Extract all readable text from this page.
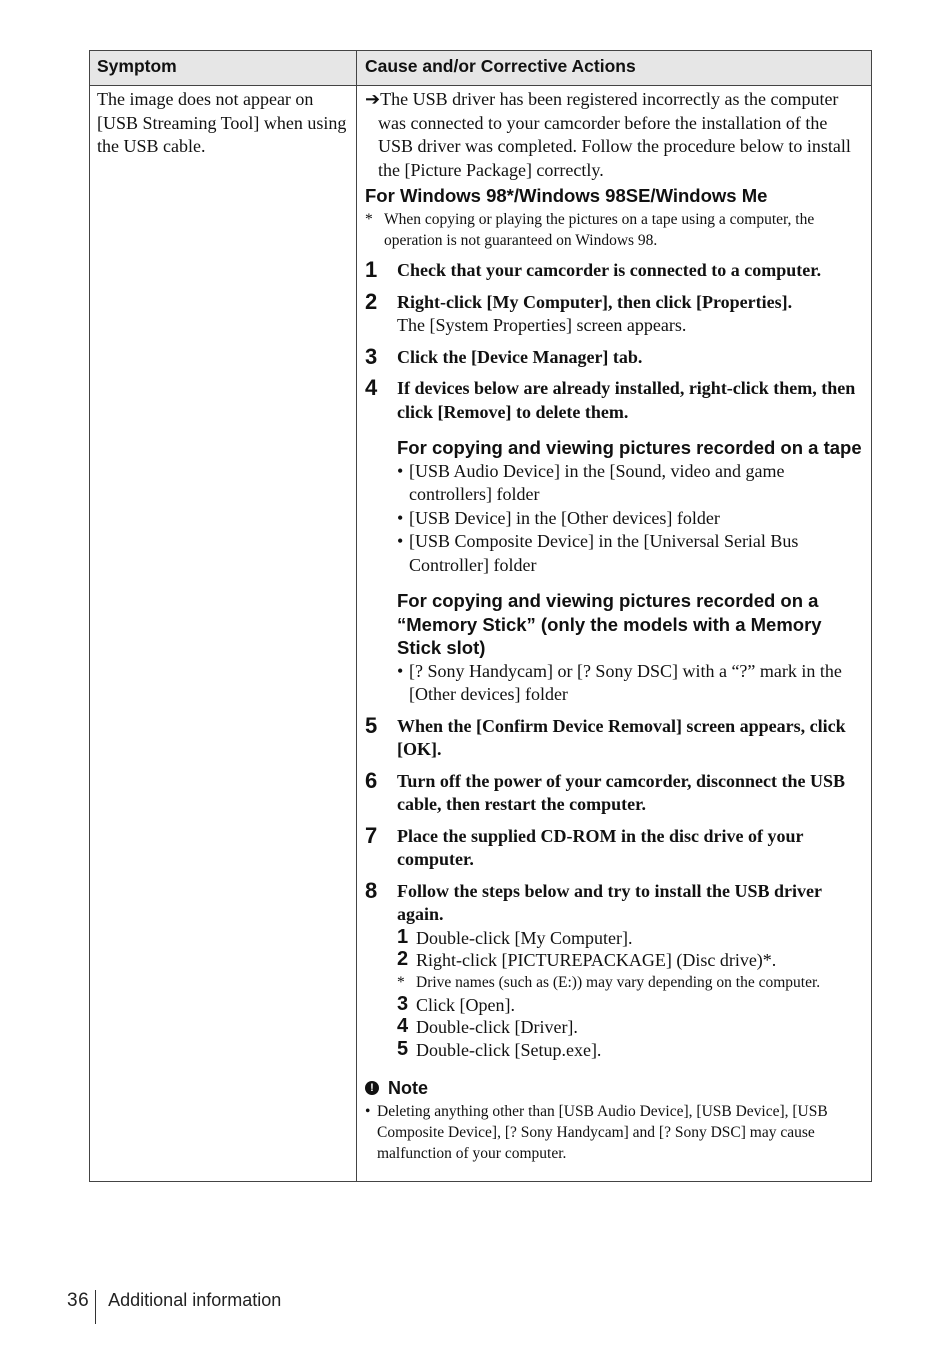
Symptom	Cause and/or Corrective Actions
The image does not appear on [USB Streaming Tool] when using the USB cable.
➔The USB driver has been registered incorrectly as the computer was connected to your camcorder before the installation of the USB driver was completed. Follow the procedure below to install the [Picture Package] correctly.
For Windows 98*/Windows 98SE/Windows Me
* When copying or playing the pictures on a tape using a computer, the operation is not guaranteed on Windows 98.
1 Check that your camcorder is connected to a computer.
2 Right-click [My Computer], then click [Properties].
The [System Properties] screen appears.
3 Click the [Device Manager] tab.
4 If devices below are already installed, right-click them, then click [Remove] to delete them.
For copying and viewing pictures recorded on a tape
• [USB Audio Device] in the [Sound, video and game controllers] folder
• [USB Device] in the [Other devices] folder
• [USB Composite Device] in the [Universal Serial Bus Controller] folder
For copying and viewing pictures recorded on a “Memory Stick” (only the models with a Memory Stick slot)
• [? Sony Handycam] or [? Sony DSC] with a “?” mark in the [Other devices] folder
5 When the [Confirm Device Removal] screen appears, click [OK].
6 Turn off the power of your camcorder, disconnect the USB cable, then restart the computer.
7 Place the supplied CD-ROM in the disc drive of your computer.
8 Follow the steps below and try to install the USB driver again.
1 Double-click [My Computer].
2 Right-click [PICTUREPACKAGE] (Disc drive)*.
* Drive names (such as (E:)) may vary depending on the computer.
3 Click [Open].
4 Double-click [Driver].
5 Double-click [Setup.exe].
! Note
• Deleting anything other than [USB Audio Device], [USB Device], [USB Composite Device], [? Sony Handycam] and [? Sony DSC] may cause malfunction of your computer.
36 Additional information
